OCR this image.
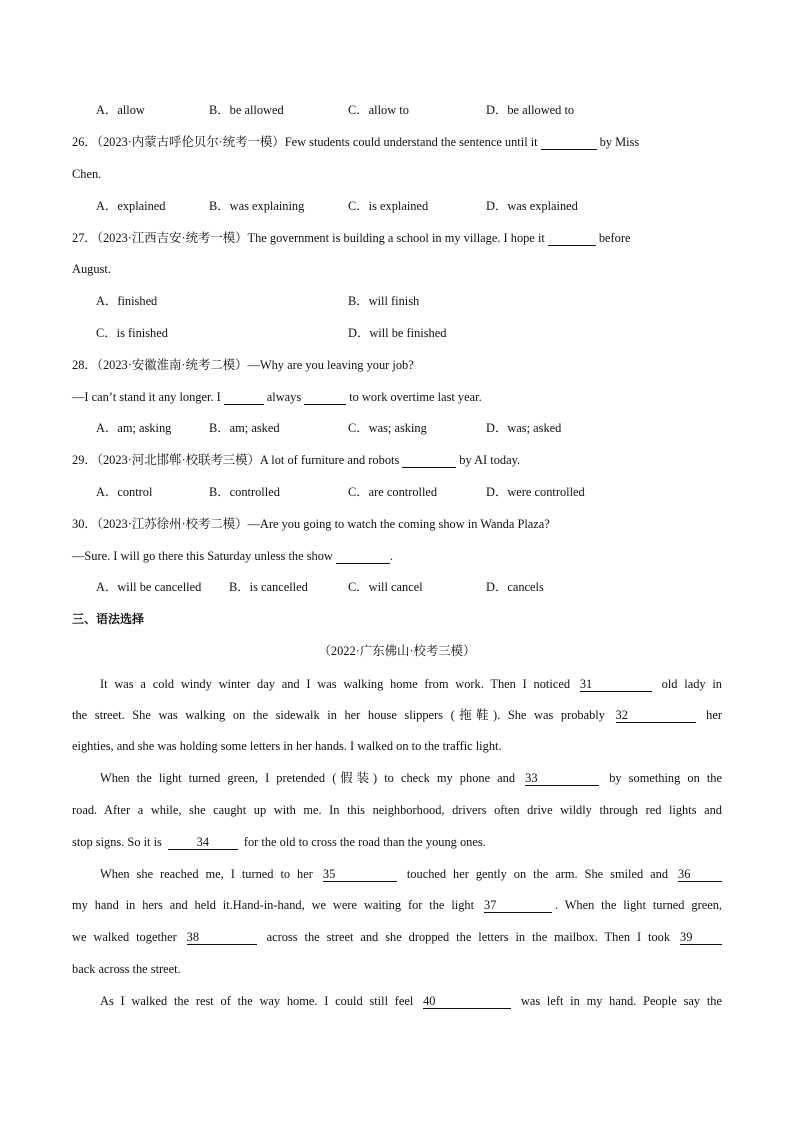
A．allow	B．be allowed	C．allow to	D．be allowed to
26．（2023·内蒙古呼伦贝尔·统考一模）Few students could understand the sentence until it	by Miss
Chen.
A．explained	B．was explaining	C．is explained	D．was explained
27．（2023·江西吉安·统考一模）The government is building a school in my village. I hope it	before
August.
A．finished	B．will finish
C．is finished	D．will be finished
28．（2023·安徽淮南·统考二模）—Why are you leaving your job?
—I can’t stand it any longer. I	always	to work overtime last year.
A．am; asking	B．am; asked	C．was; asking	D．was; asked
29．（2023·河北邯郸·校联考三模）A lot of furniture and robots	by AI today.
A．control	B．controlled	C．are controlled	D．were controlled
30．（2023·江苏徐州·校考二模）—Are you going to watch the coming show in Wanda Plaza?
—Sure. I will go there this Saturday unless the show	.
A．will be cancelled B．is cancelled	C．will cancel	D．cancels
三、语法选择
（2022·广东佛山·校考三模）
It was a cold windy winter day and I was walking home from work. Then I noticed 31	old lady in
the street. She was walking on the sidewalk in her house slippers (拖鞋). She was probably 32	her
eighties, and she was holding some letters in her hands. I walked on to the traffic light.
When the light turned green, I pretended (假装) to check my phone and 33	by something on the
road. After a while, she caught up with me. In this neighborhood, drivers often drive wildly through red lights and
stop signs. So it is	34	for the old to cross the road than the young ones.
When she reached me, I turned to her 35	touched her gently on the arm. She smiled and 36
my hand in hers and held it.Hand-in-hand, we were waiting for the light 37	. When the light turned green,
we walked together 38	across the street and she dropped the letters in the mailbox. Then I took 39
back across the street.
As I walked the rest of the way home. I could still feel 40	was left in my hand. People say the
